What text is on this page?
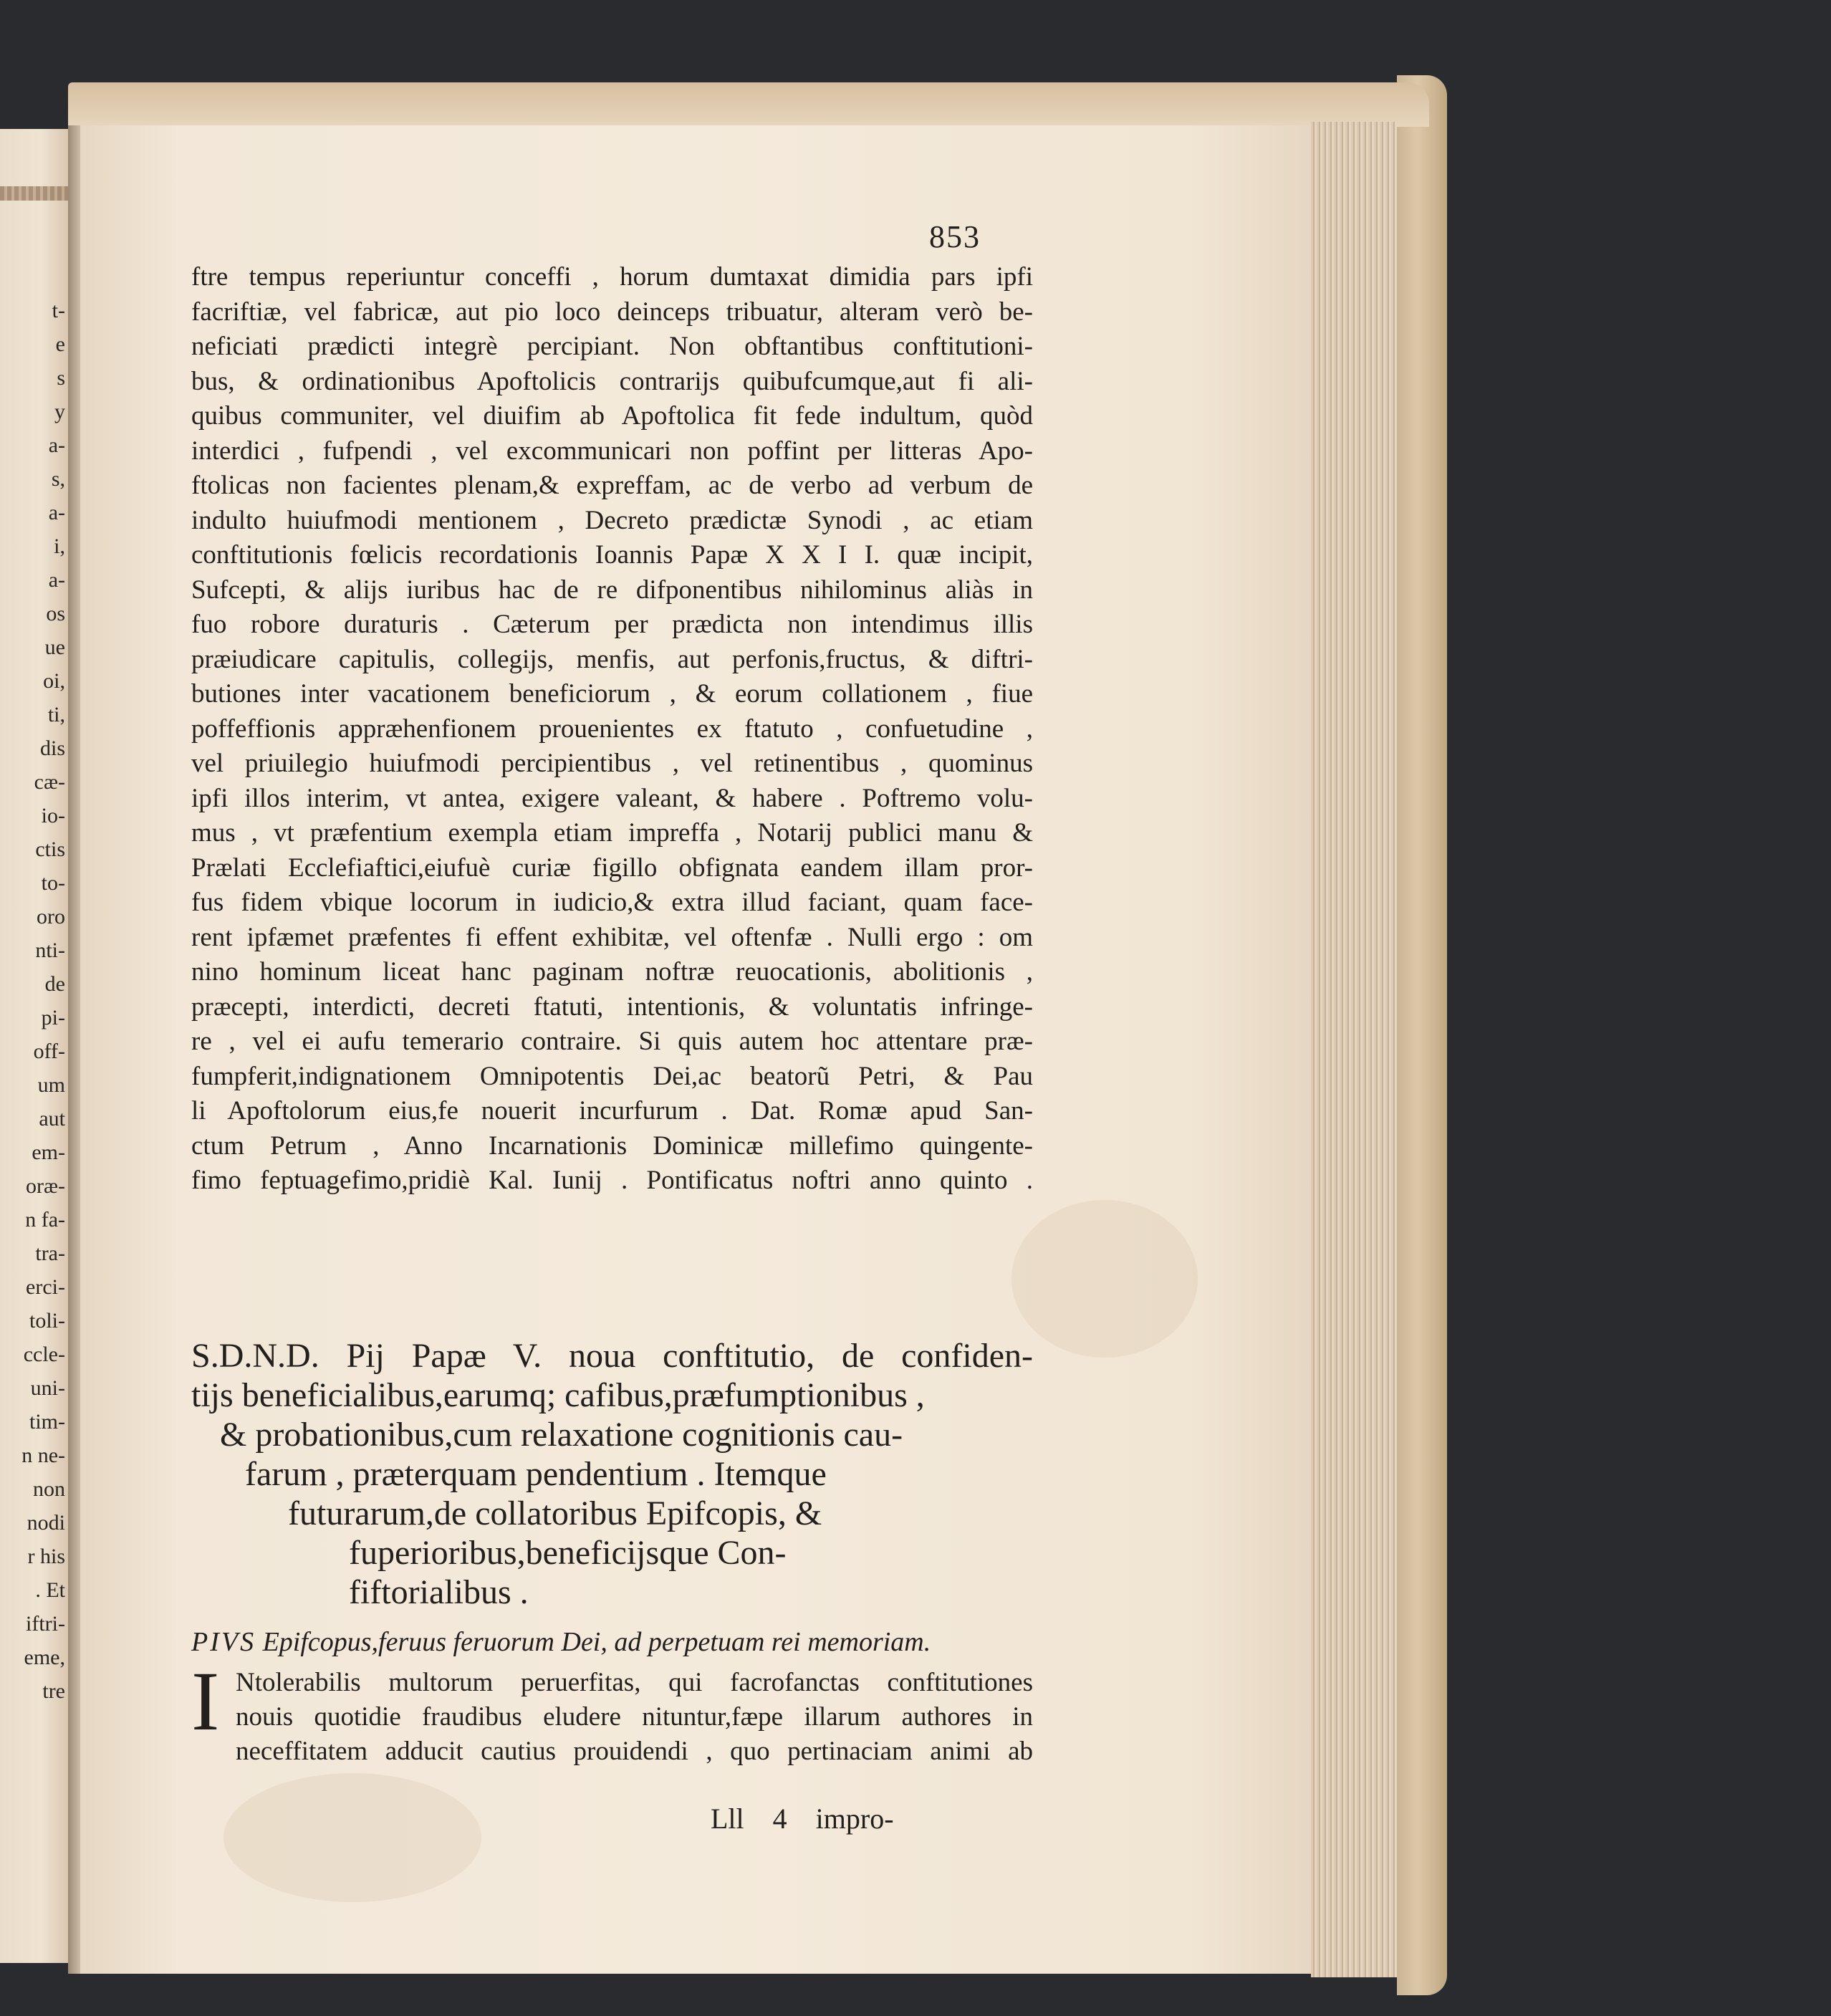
t-
e
s
y
a-
s,
a-
i,
a-
os
ue
oi,
ti,
dis
cæ-
io-
ctis
to-
oro
nti-
de
pi-
off-
um
aut
em-
oræ-
n fa-
tra-
erci-
toli-
ccle-
uni-
tim-
n ne-
non
nodi
r his
. Et
iftri-
eme,
tre
853
ftre tempus reperiuntur conceffi , horum dumtaxat dimidia pars ipfi
facriftiæ, vel fabricæ, aut pio loco deinceps tribuatur, alteram verò be-
neficiati prædicti integrè percipiant. Non obftantibus conftitutioni-
bus, & ordinationibus Apoftolicis contrarijs quibufcumque,aut fi ali-
quibus communiter, vel diuifim ab Apoftolica fit fede indultum, quòd
interdici , fufpendi , vel excommunicari non poffint per litteras Apo-
ftolicas non facientes plenam,& expreffam, ac de verbo ad verbum de
indulto huiufmodi mentionem , Decreto prædictæ Synodi , ac etiam
conftitutionis fœlicis recordationis Ioannis Papæ X X I I. quæ incipit,
Sufcepti, & alijs iuribus hac de re difponentibus nihilominus aliàs in
fuo robore duraturis . Cæterum per prædicta non intendimus illis
præiudicare capitulis, collegijs, menfis, aut perfonis,fructus, & diftri-
butiones inter vacationem beneficiorum , & eorum collationem , fiue
poffeffionis appræhenfionem prouenientes ex ftatuto , confuetudine ,
vel priuilegio huiufmodi percipientibus , vel retinentibus , quominus
ipfi illos interim, vt antea, exigere valeant, & habere . Poftremo volu-
mus , vt præfentium exempla etiam impreffa , Notarij publici manu &
Prælati Ecclefiaftici,eiufuè curiæ figillo obfignata eandem illam pror-
fus fidem vbique locorum in iudicio,& extra illud faciant, quam face-
rent ipfæmet præfentes fi effent exhibitæ, vel oftenfæ . Nulli ergo : om
nino hominum liceat hanc paginam noftræ reuocationis, abolitionis ,
præcepti, interdicti, decreti ftatuti, intentionis, & voluntatis infringe-
re , vel ei aufu temerario contraire. Si quis autem hoc attentare præ-
fumpferit,indignationem Omnipotentis Dei,ac beatorũ Petri, & Pau
li Apoftolorum eius,fe nouerit incurfurum . Dat. Romæ apud San-
ctum Petrum , Anno Incarnationis Dominicæ millefimo quingente-
fimo feptuagefimo,pridiè Kal. Iunij . Pontificatus noftri anno quinto .
S.D.N.D. Pij Papæ V. noua conftitutio, de confiden-
tijs beneficialibus,earumq; cafibus,præfumptionibus ,
& probationibus,cum relaxatione cognitionis cau-
farum , præterquam pendentium . Itemque
futurarum,de collatoribus Epifcopis, &
fuperioribus,beneficijsque Con-
fiftorialibus .
PIVS Epifcopus,feruus feruorum Dei, ad perpetuam rei memoriam.
I Ntolerabilis multorum peruerfitas, qui facrofanctas conftitutiones
nouis quotidie fraudibus eludere nituntur,fæpe illarum authores in
neceffitatem adducit cautius prouidendi , quo pertinaciam animi ab
Lll 4 impro-
